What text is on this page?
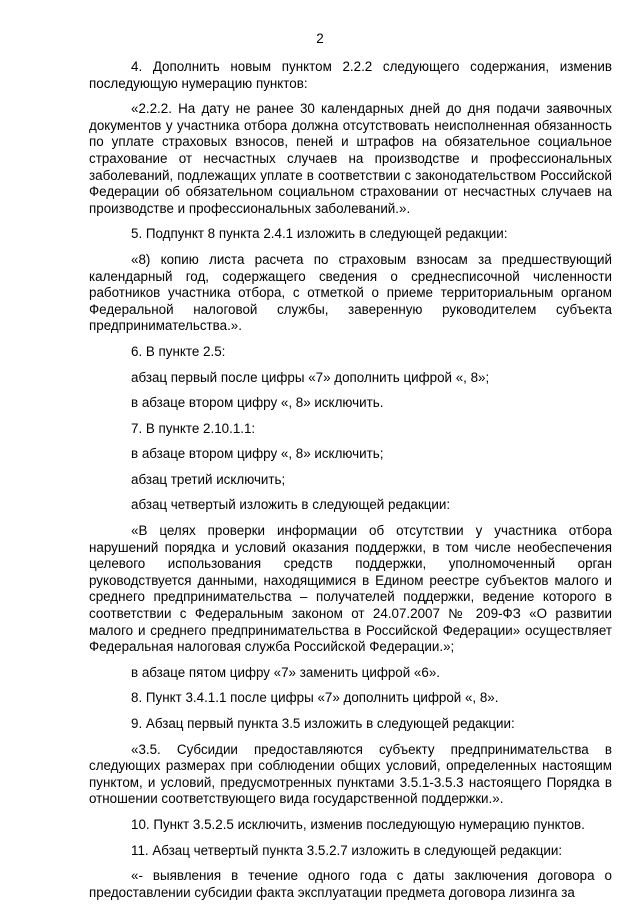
2

4. Дополнить новым пунктом 2.2.2 следующего содержания, изменив последующую нумерацию пунктов:

«2.2.2. На дату не ранее 30 календарных дней до дня подачи заявочных документов у участника отбора должна отсутствовать неисполненная обязанность по уплате страховых взносов, пеней и штрафов на обязательное социальное страхование от несчастных случаев на производстве и профессиональных заболеваний, подлежащих уплате в соответствии с законодательством Российской Федерации об обязательном социальном страховании от несчастных случаев на производстве и профессиональных заболеваний.».

5. Подпункт 8 пункта 2.4.1 изложить в следующей редакции:

«8) копию листа расчета по страховым взносам за предшествующий календарный год, содержащего сведения о среднесписочной численности работников участника отбора, с отметкой о приеме территориальным органом Федеральной налоговой службы, заверенную руководителем субъекта предпринимательства.».

6. В пункте 2.5:

абзац первый после цифры «7» дополнить цифрой «, 8»;

в абзаце втором цифру «, 8» исключить.

7. В пункте 2.10.1.1:

в абзаце втором цифру «, 8» исключить;

абзац третий исключить;

абзац четвертый изложить в следующей редакции:

«В целях проверки информации об отсутствии у участника отбора нарушений порядка и условий оказания поддержки, в том числе необеспечения целевого использования средств поддержки, уполномоченный орган руководствуется данными, находящимися в Едином реестре субъектов малого и среднего предпринимательства – получателей поддержки, ведение которого в соответствии с Федеральным законом от 24.07.2007 № 209-ФЗ «О развитии малого и среднего предпринимательства в Российской Федерации» осуществляет Федеральная налоговая служба Российской Федерации.»;

в абзаце пятом цифру «7» заменить цифрой «6».

8. Пункт 3.4.1.1 после цифры «7» дополнить цифрой «, 8».

9. Абзац первый пункта 3.5 изложить в следующей редакции:

«3.5. Субсидии предоставляются субъекту предпринимательства в следующих размерах при соблюдении общих условий, определенных настоящим пунктом, и условий, предусмотренных пунктами 3.5.1-3.5.3 настоящего Порядка в отношении соответствующего вида государственной поддержки.».

10. Пункт 3.5.2.5 исключить, изменив последующую нумерацию пунктов.

11. Абзац четвертый пункта 3.5.2.7 изложить в следующей редакции:

«- выявления в течение одного года с даты заключения договора о предоставлении субсидии факта эксплуатации предмета договора лизинга за
